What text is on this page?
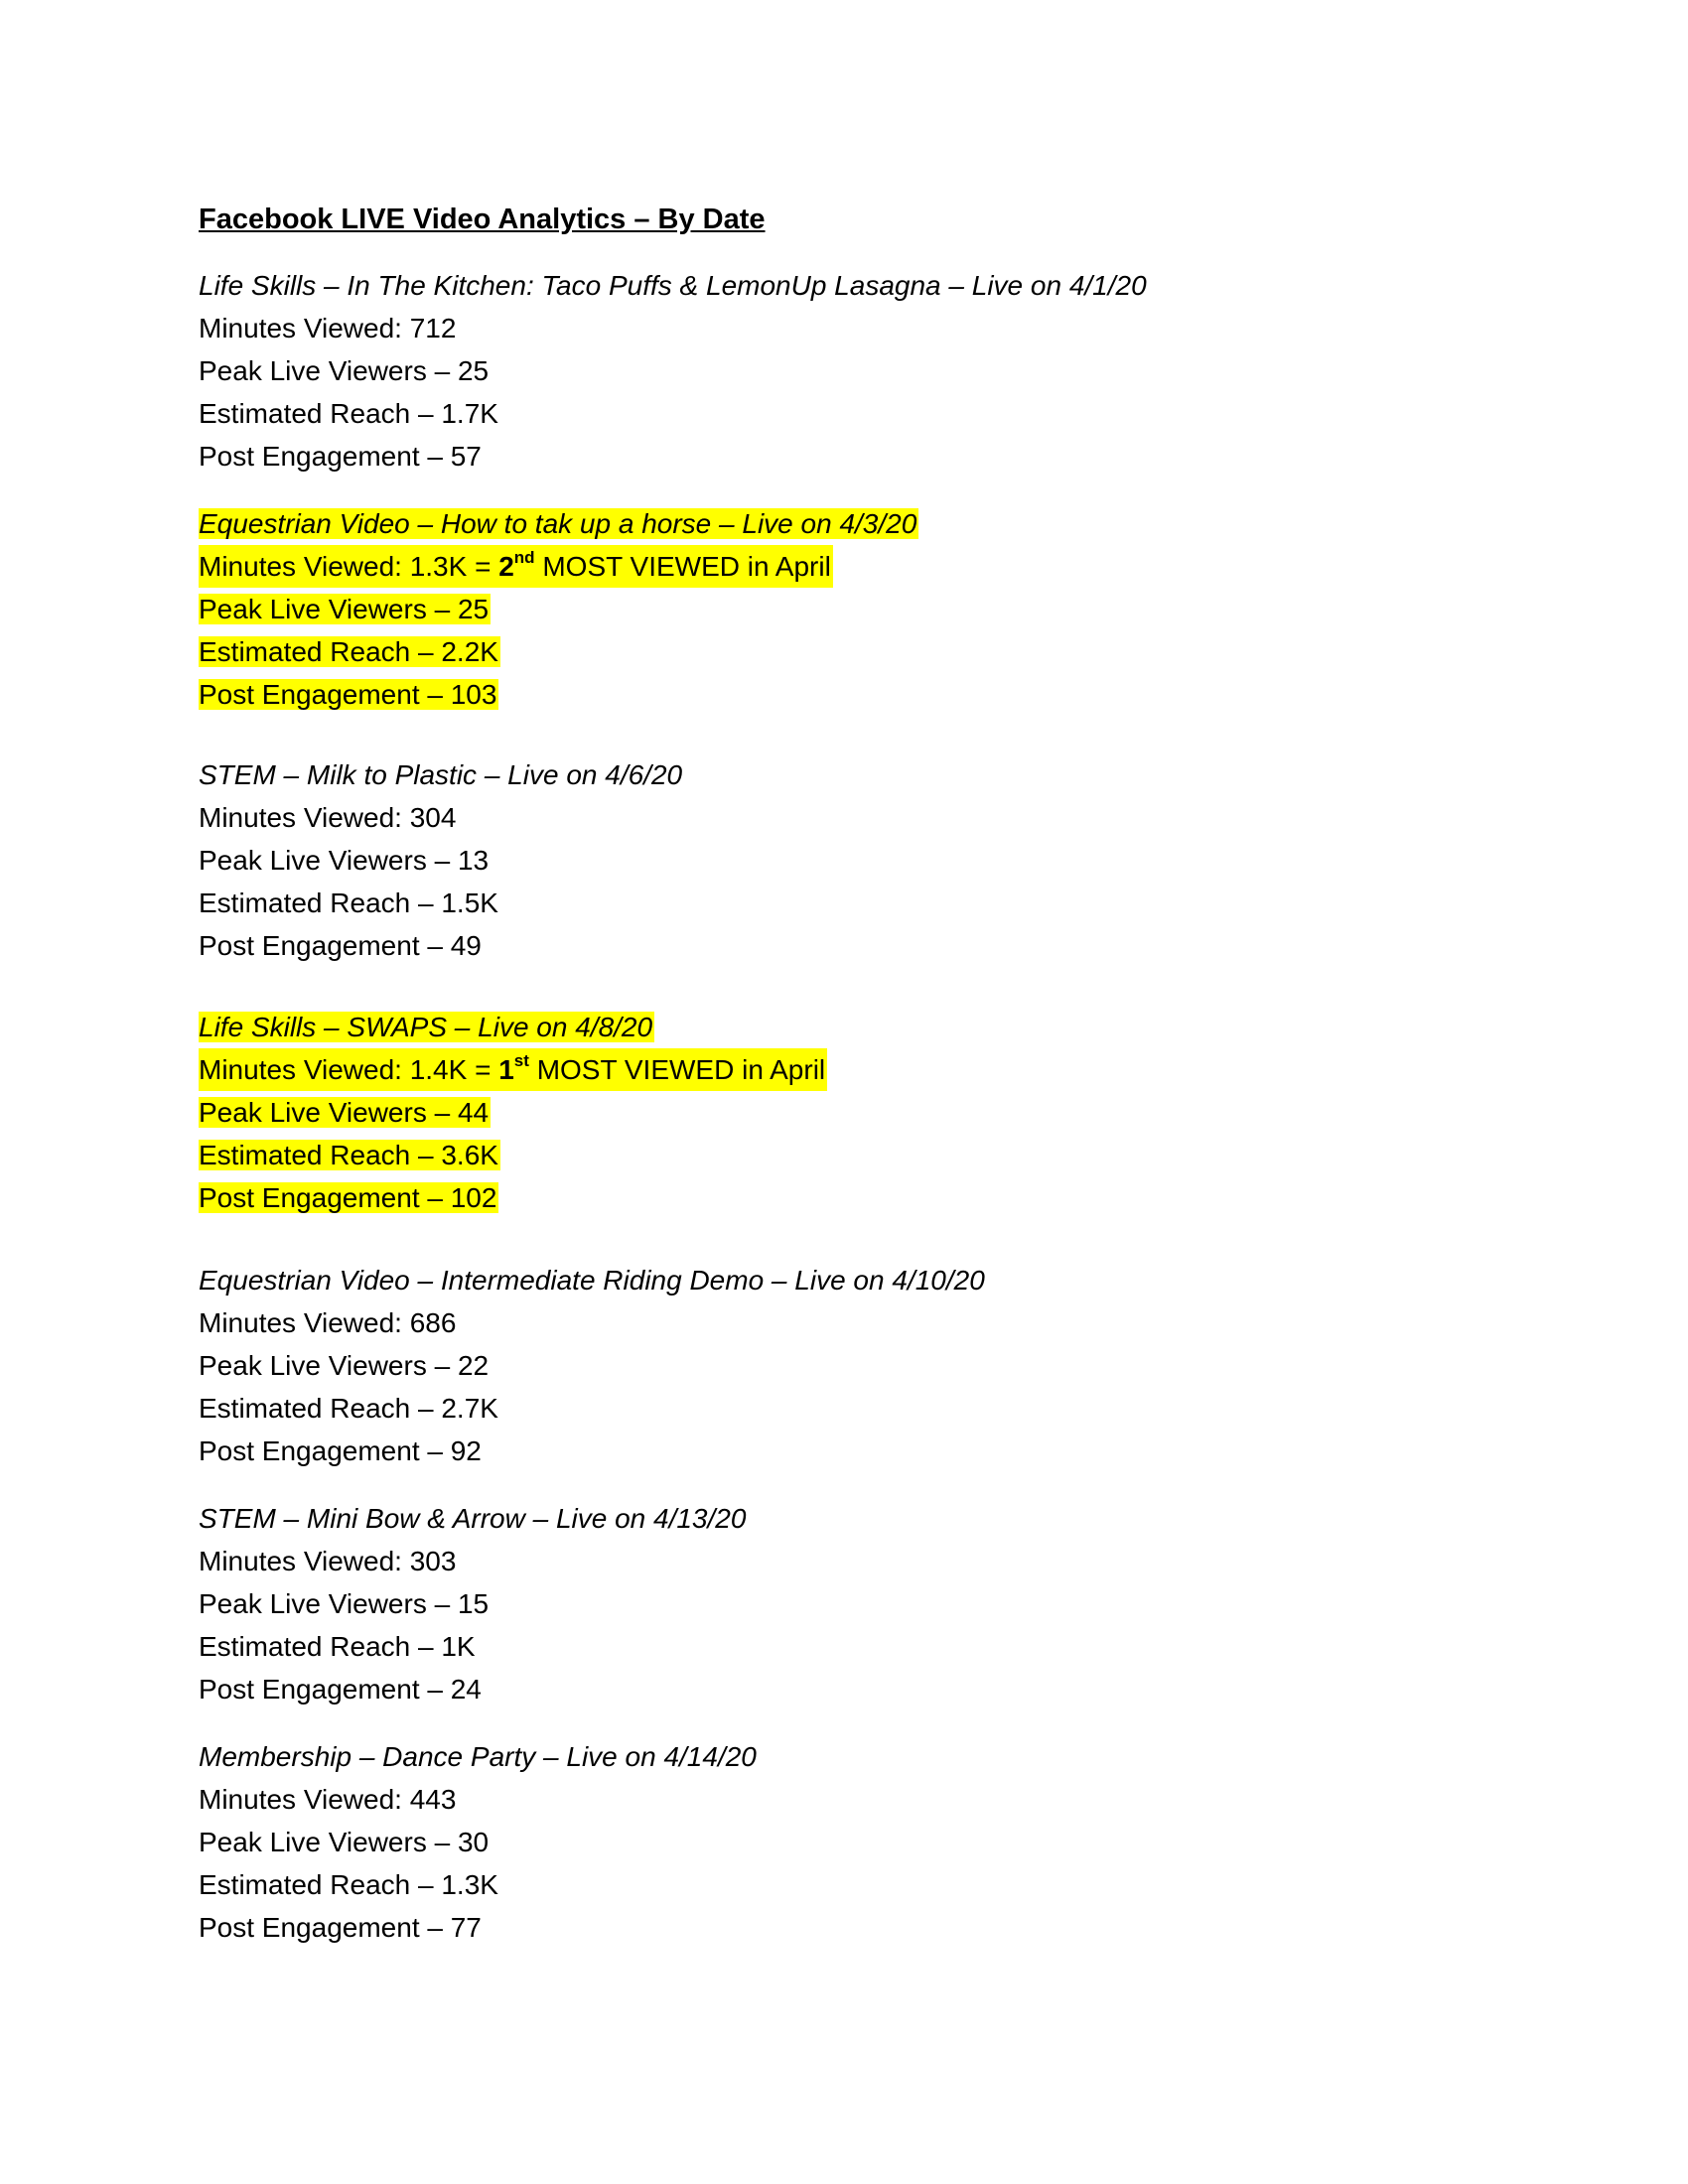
Facebook LIVE Video Analytics – By Date
Life Skills – In The Kitchen: Taco Puffs & LemonUp Lasagna – Live on 4/1/20
Minutes Viewed: 712
Peak Live Viewers – 25
Estimated Reach – 1.7K
Post Engagement – 57
Equestrian Video – How to tak up a horse – Live on 4/3/20
Minutes Viewed: 1.3K = 2nd MOST VIEWED in April
Peak Live Viewers – 25
Estimated Reach – 2.2K
Post Engagement – 103
STEM – Milk to Plastic – Live on 4/6/20
Minutes Viewed: 304
Peak Live Viewers – 13
Estimated Reach – 1.5K
Post Engagement – 49
Life Skills – SWAPS – Live on 4/8/20
Minutes Viewed: 1.4K = 1st MOST VIEWED in April
Peak Live Viewers – 44
Estimated Reach – 3.6K
Post Engagement – 102
Equestrian Video – Intermediate Riding Demo – Live on 4/10/20
Minutes Viewed: 686
Peak Live Viewers – 22
Estimated Reach – 2.7K
Post Engagement – 92
STEM – Mini Bow & Arrow – Live on 4/13/20
Minutes Viewed: 303
Peak Live Viewers – 15
Estimated Reach – 1K
Post Engagement – 24
Membership – Dance Party – Live on 4/14/20
Minutes Viewed: 443
Peak Live Viewers – 30
Estimated Reach – 1.3K
Post Engagement – 77
